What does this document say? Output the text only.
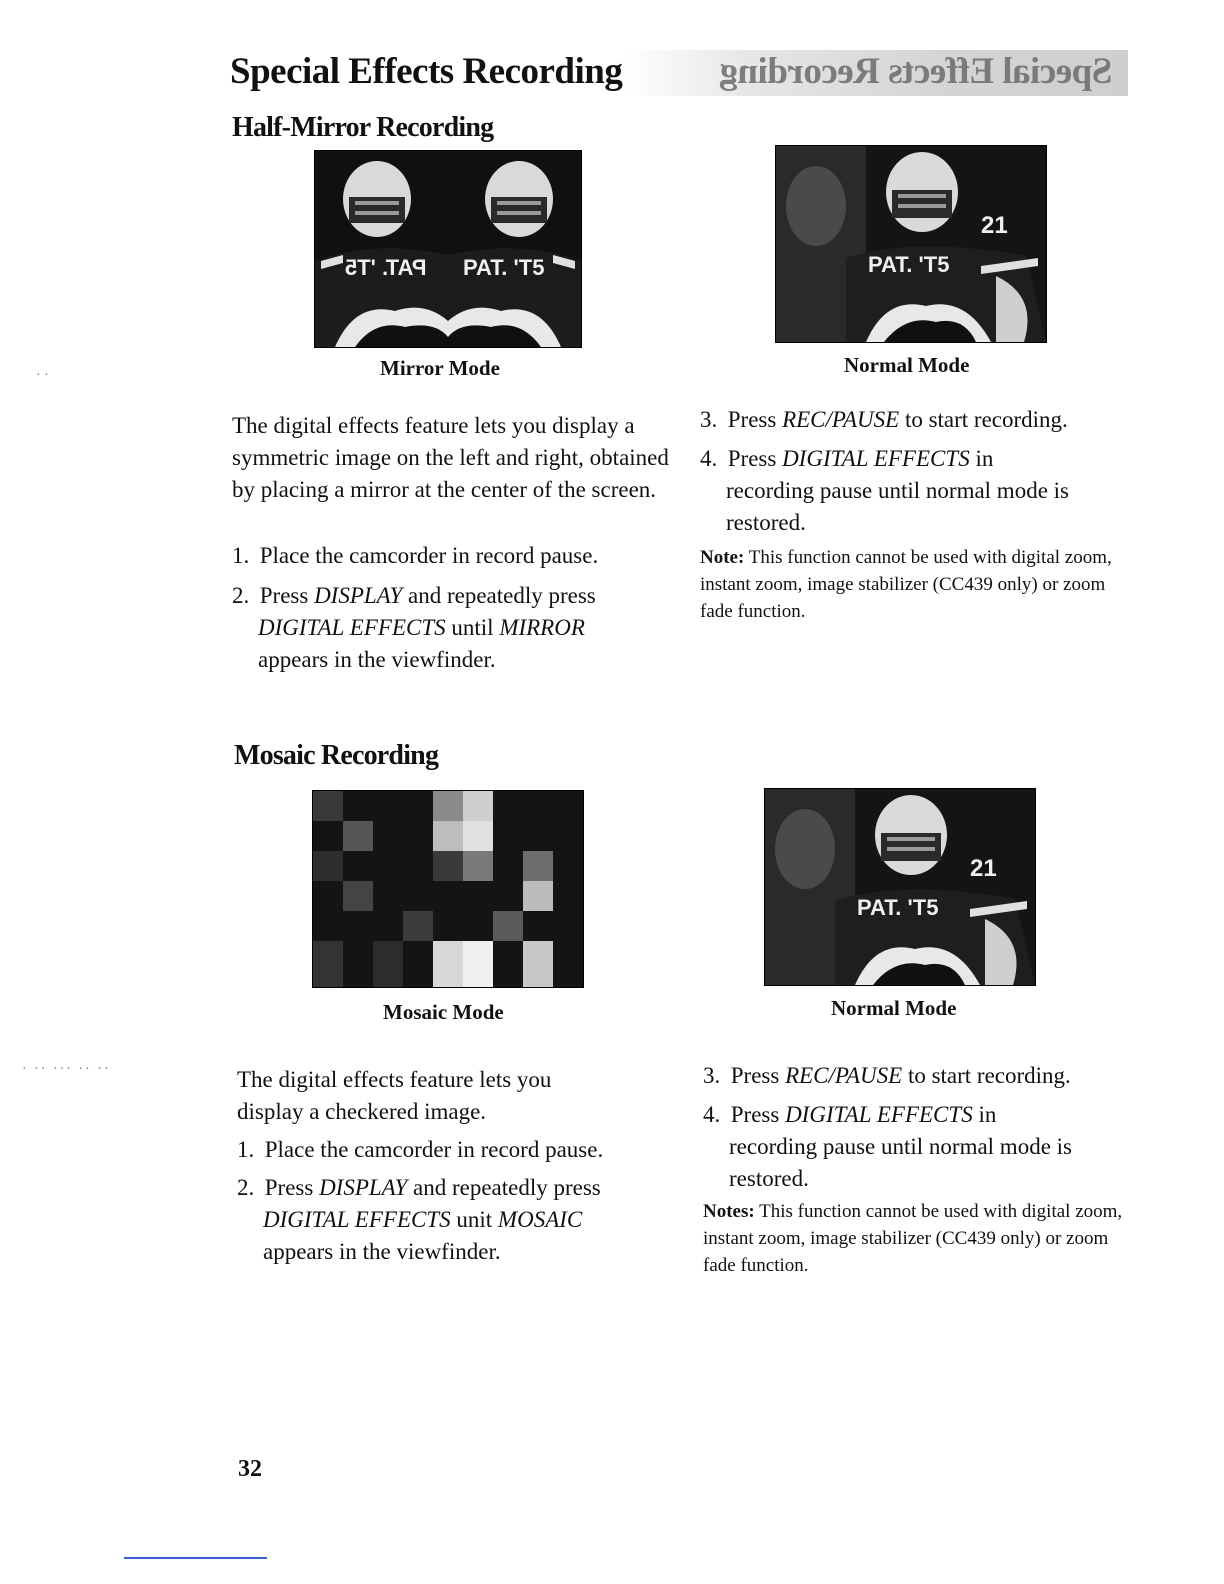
Special Effects Recording	Special Effects Recording
Half-Mirror Recording
PAT. 'T5 PAT. 'T5
Mirror Mode
21
PAT. 'T5
Normal Mode

The digital effects feature lets you display a symmetric image on the left and right, obtained by placing a mirror at the center of the screen.

1. Place the camcorder in record pause.
2. Press DISPLAY and repeatedly press
DIGITAL EFFECTS until MIRROR
appears in the viewfinder.
3. Press REC/PAUSE to start recording.
4. Press DIGITAL EFFECTS in
recording pause until normal mode is restored.

Note: This function cannot be used with digital zoom, instant zoom, image stabilizer (CC439 only) or zoom fade function.

Mosaic Recording
Mosaic Mode
21
PAT. 'T5
Normal Mode

The digital effects feature lets you display a checkered image.

1. Place the camcorder in record pause.
2. Press DISPLAY and repeatedly press
DIGITAL EFFECTS unit MOSAIC
appears in the viewfinder.
3. Press REC/PAUSE to start recording.
4. Press DIGITAL EFFECTS in
recording pause until normal mode is restored.

Notes: This function cannot be used with digital zoom, instant zoom, image stabilizer (CC439 only) or zoom fade function.

· ·
· ·· ··· ·· ··
32
